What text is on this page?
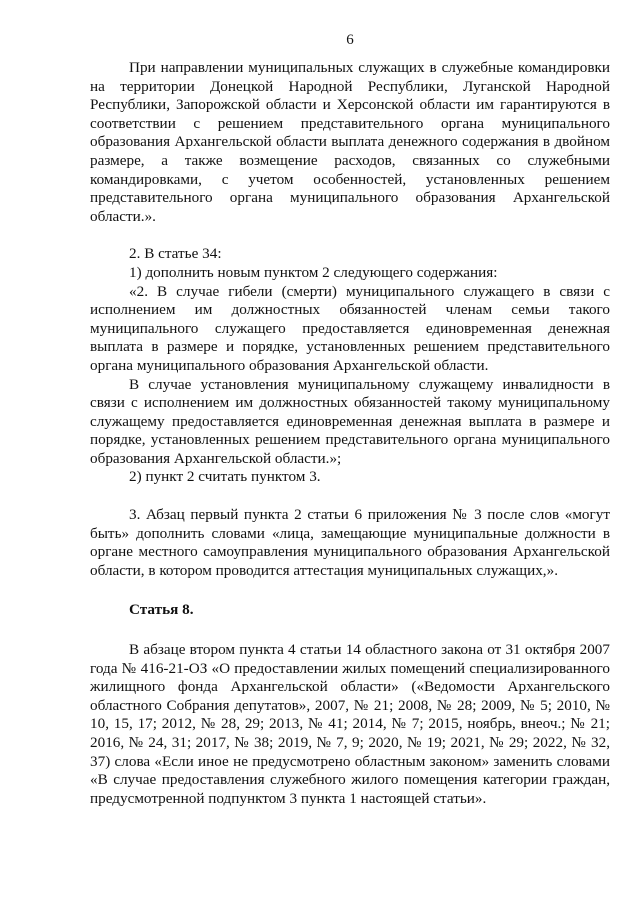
6

При направлении муниципальных служащих в служебные командировки на территории Донецкой Народной Республики, Луганской Народной Республики, Запорожской области и Херсонской области им гарантируются в соответствии с решением представительного органа муниципального образования Архангельской области выплата денежного содержания в двойном размере, а также возмещение расходов, связанных со служебными командировками, с учетом особенностей, установленных решением представительного органа муниципального образования Архангельской области.».

2. В статье 34:

1) дополнить новым пунктом 2 следующего содержания:

«2. В случае гибели (смерти) муниципального служащего в связи с исполнением им должностных обязанностей членам семьи такого муниципального служащего предоставляется единовременная денежная выплата в размере и порядке, установленных решением представительного органа муниципального образования Архангельской области.

В случае установления муниципальному служащему инвалидности в связи с исполнением им должностных обязанностей такому муниципальному служащему предоставляется единовременная денежная выплата в размере и порядке, установленных решением представительного органа муниципального образования Архангельской области.»;

2) пункт 2 считать пунктом 3.

3. Абзац первый пункта 2 статьи 6 приложения № 3 после слов «могут быть» дополнить словами «лица, замещающие муниципальные должности в органе местного самоуправления муниципального образования Архангельской области, в котором проводится аттестация муниципальных служащих,».

Статья 8.

В абзаце втором пункта 4 статьи 14 областного закона от 31 октября 2007 года № 416-21-ОЗ «О предоставлении жилых помещений специализированного жилищного фонда Архангельской области» («Ведомости Архангельского областного Собрания депутатов», 2007, № 21; 2008, № 28; 2009, № 5; 2010, № 10, 15, 17; 2012, № 28, 29; 2013, № 41; 2014, № 7; 2015, ноябрь, внеоч.; № 21; 2016, № 24, 31; 2017, № 38; 2019, № 7, 9; 2020, № 19; 2021, № 29; 2022, № 32, 37) слова «Если иное не предусмотрено областным законом» заменить словами «В случае предоставления служебного жилого помещения категории граждан, предусмотренной подпунктом 3 пункта 1 настоящей статьи».
